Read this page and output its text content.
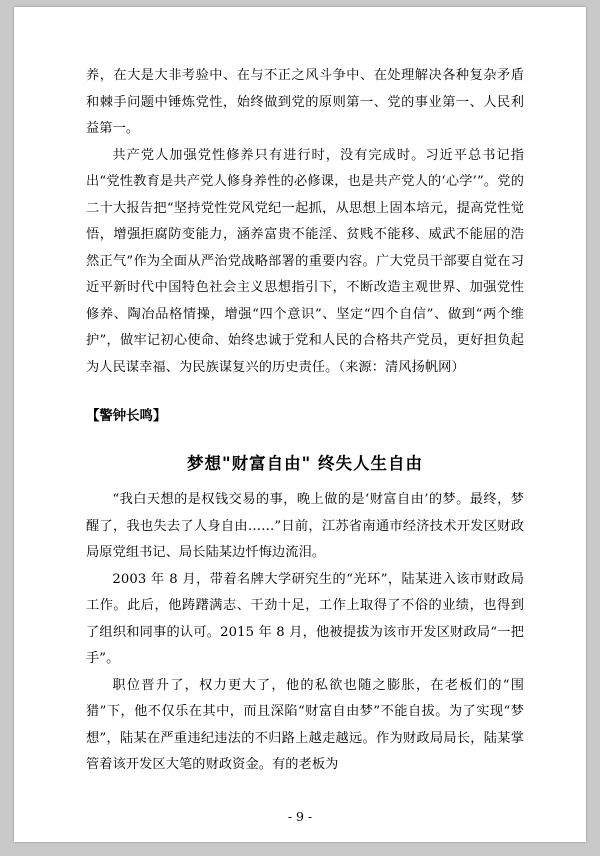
养，在大是大非考验中、在与不正之风斗争中、在处理解决各种复杂矛盾和棘手问题中锤炼党性，始终做到党的原则第一、党的事业第一、人民利益第一。

共产党人加强党性修养只有进行时，没有完成时。习近平总书记指出“党性教育是共产党人修身养性的必修课，也是共产党人的‘心学’”。党的二十大报告把“坚持党性党风党纪一起抓，从思想上固本培元，提高党性觉悟，增强拒腐防变能力，涵养富贵不能淫、贫贱不能移、威武不能屈的浩然正气”作为全面从严治党战略部署的重要内容。广大党员干部要自觉在习近平新时代中国特色社会主义思想指引下，不断改造主观世界、加强党性修养、陶冶品格情操，增强“四个意识”、坚定“四个自信”、做到“两个维护”，做牢记初心使命、始终忠诚于党和人民的合格共产党员，更好担负起为人民谋幸福、为民族谋复兴的历史责任。（来源：清风扬帆网）

【警钟长鸣】
梦想"财富自由" 终失人生自由

“我白天想的是权钱交易的事，晚上做的是‘财富自由’的梦。最终，梦醒了，我也失去了人身自由……”日前，江苏省南通市经济技术开发区财政局原党组书记、局长陆某边忏悔边流泪。

2003 年 8 月，带着名牌大学研究生的“光环”，陆某进入该市财政局工作。此后，他踌躇满志、干劲十足，工作上取得了不俗的业绩，也得到了组织和同事的认可。2015 年 8 月，他被提拔为该市开发区财政局“一把手”。

职位晋升了，权力更大了，他的私欲也随之膨胀，在老板们的“围猎”下，他不仅乐在其中，而且深陷“财富自由梦”不能自拔。为了实现“梦想”，陆某在严重违纪违法的不归路上越走越远。作为财政局局长，陆某掌管着该开发区大笔的财政资金。有的老板为

- 9 -
